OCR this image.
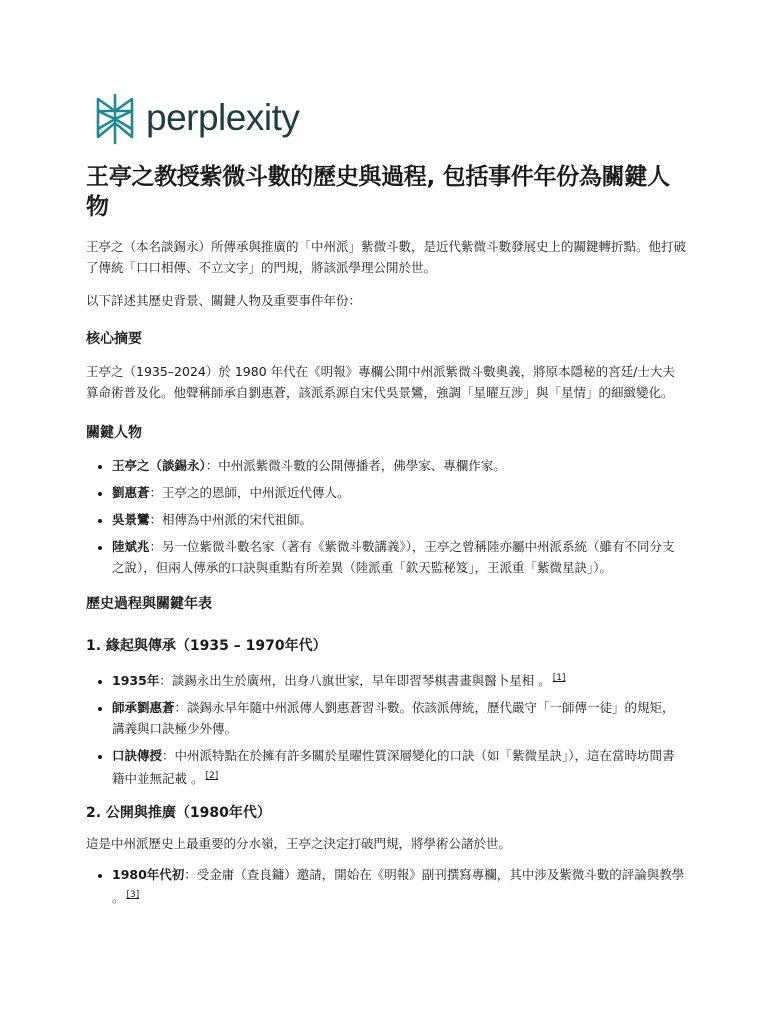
perplexity
王亭之教授紫微斗數的歷史與過程, 包括事件年份為關鍵人物

王亭之（本名談錫永）所傳承與推廣的「中州派」紫微斗數，是近代紫微斗數發展史上的關鍵轉折點。他打破了傳統「口口相傳、不立文字」的門規，將該派學理公開於世。

以下詳述其歷史背景、關鍵人物及重要事件年份：

核心摘要

王亭之（1935–2024）於 1980 年代在《明報》專欄公開中州派紫微斗數奧義，將原本隱秘的宮廷/士大夫算命術普及化。他聲稱師承自劉惠蒼，該派系源自宋代吳景鸞，強調「星曜互涉」與「星情」的細緻變化。

關鍵人物
• 王亭之（談錫永）：中州派紫微斗數的公開傳播者，佛學家、專欄作家。
• 劉惠蒼：王亭之的恩師，中州派近代傳人。
• 吳景鸞：相傳為中州派的宋代祖師。
• 陸斌兆：另一位紫微斗數名家（著有《紫微斗數講義》），王亭之曾稱陸亦屬中州派系統（雖有不同分支之說），但兩人傳承的口訣與重點有所差異（陸派重「欽天監秘笈」，王派重「紫微星訣」）。
歷史過程與關鍵年表
1. 緣起與傳承（1935 – 1970年代）
• 1935年：談錫永出生於廣州，出身八旗世家，早年即習琴棋書畫與醫卜星相 。 [1]
• 師承劉惠蒼：談錫永早年隨中州派傳人劉惠蒼習斗數。依該派傳統，歷代嚴守「一師傳一徒」的規矩，講義與口訣極少外傳。
• 口訣傳授：中州派特點在於擁有許多關於星曜性質深層變化的口訣（如「紫微星訣」），這在當時坊間書籍中並無記載 。 [2]
2. 公開與推廣（1980年代）

這是中州派歷史上最重要的分水嶺，王亭之決定打破門規，將學術公諸於世。

• 1980年代初：受金庸（查良鏞）邀請，開始在《明報》副刊撰寫專欄，其中涉及紫微斗數的評論與教學 。 [3]
